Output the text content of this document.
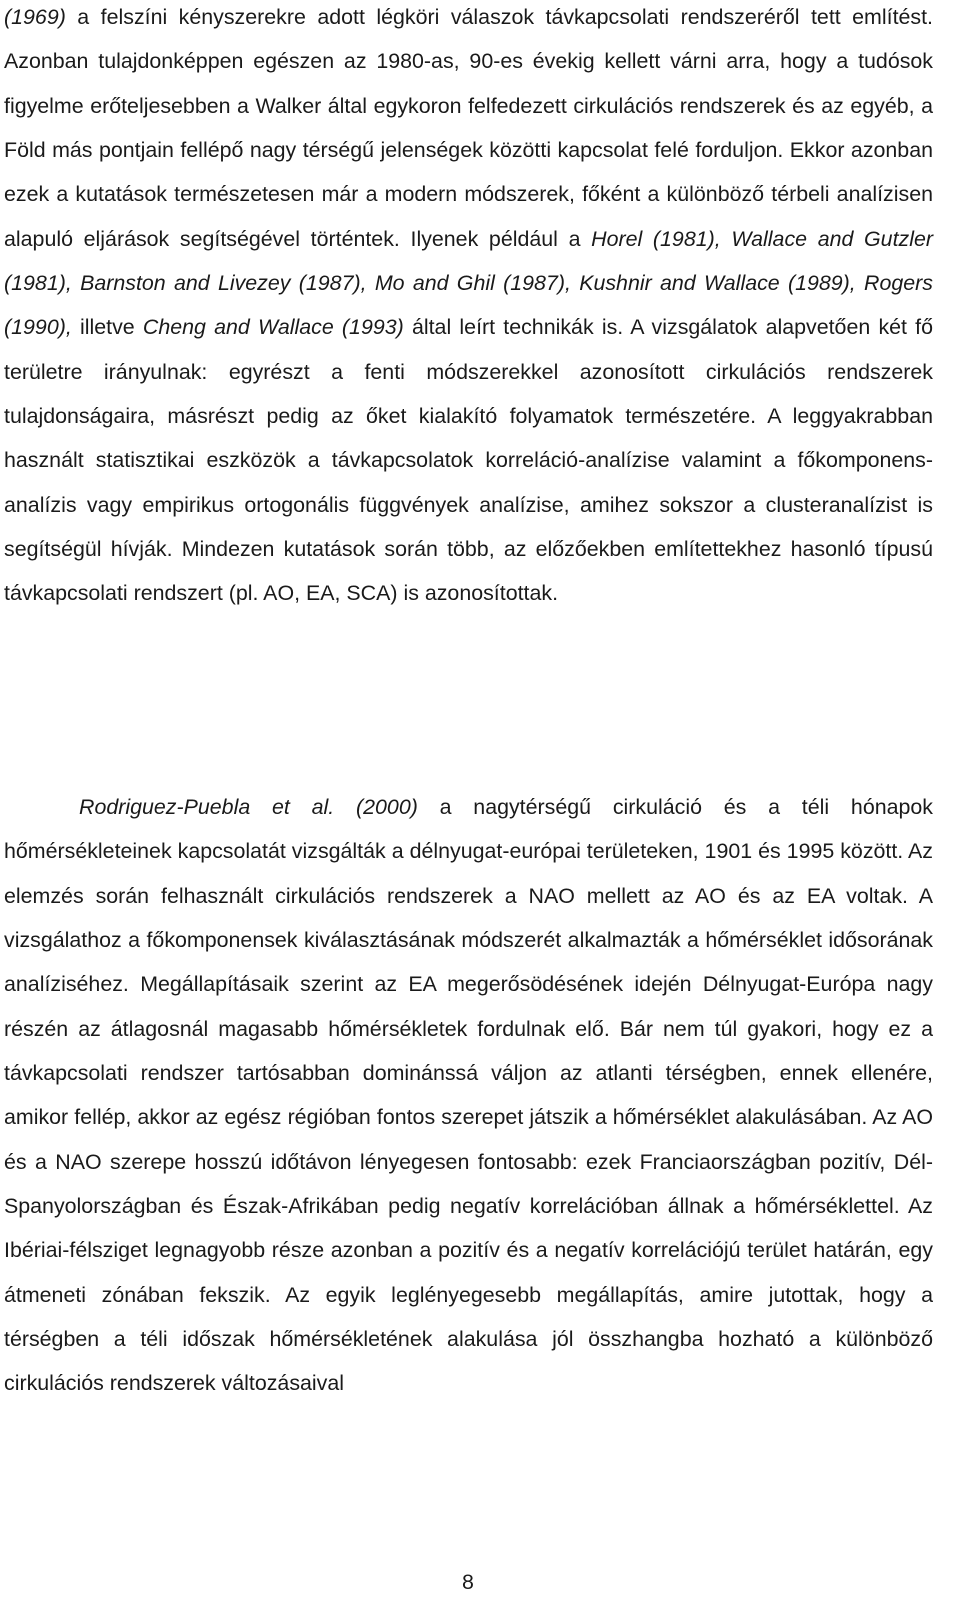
(1969) a felszíni kényszerekre adott légköri válaszok távkapcsolati rendszeréről tett említést. Azonban tulajdonképpen egészen az 1980-as, 90-es évekig kellett várni arra, hogy a tudósok figyelme erőteljesebben a Walker által egykoron felfedezett cirkulációs rendszerek és az egyéb, a Föld más pontjain fellépő nagy térségű jelenségek közötti kapcsolat felé forduljon. Ekkor azonban ezek a kutatások természetesen már a modern módszerek, főként a különböző térbeli analízisen alapuló eljárások segítségével történtek. Ilyenek például a Horel (1981), Wallace and Gutzler (1981), Barnston and Livezey (1987), Mo and Ghil (1987), Kushnir and Wallace (1989), Rogers (1990), illetve Cheng and Wallace (1993) által leírt technikák is. A vizsgálatok alapvetően két fő területre irányulnak: egyrészt a fenti módszerekkel azonosított cirkulációs rendszerek tulajdonságaira, másrészt pedig az őket kialakító folyamatok természetére. A leggyakrabban használt statisztikai eszközök a távkapcsolatok korreláció-analízise valamint a főkomponens-analízis vagy empirikus ortogonális függvények analízise, amihez sokszor a clusteranalízist is segítségül hívják. Mindezen kutatások során több, az előzőekben említettekhez hasonló típusú távkapcsolati rendszert (pl. AO, EA, SCA) is azonosítottak.

Rodriguez-Puebla et al. (2000) a nagytérségű cirkuláció és a téli hónapok hőmérsékleteinek kapcsolatát vizsgálták a délnyugat-európai területeken, 1901 és 1995 között. Az elemzés során felhasznált cirkulációs rendszerek a NAO mellett az AO és az EA voltak. A vizsgálathoz a főkomponensek kiválasztásának módszerét alkalmazták a hőmérséklet idősorának analíziséhez. Megállapításaik szerint az EA megerősödésének idején Délnyugat-Európa nagy részén az átlagosnál magasabb hőmérsékletek fordulnak elő. Bár nem túl gyakori, hogy ez a távkapcsolati rendszer tartósabban dominánssá váljon az atlanti térségben, ennek ellenére, amikor fellép, akkor az egész régióban fontos szerepet játszik a hőmérséklet alakulásában. Az AO és a NAO szerepe hosszú időtávon lényegesen fontosabb: ezek Franciaországban pozitív, Dél-Spanyolországban és Észak-Afrikában pedig negatív korrelációban állnak a hőmérséklettel. Az Ibériai-félsziget legnagyobb része azonban a pozitív és a negatív korrelációjú terület határán, egy átmeneti zónában fekszik. Az egyik leglényegesebb megállapítás, amire jutottak, hogy a térségben a téli időszak hőmérsékletének alakulása jól összhangba hozható a különböző cirkulációs rendszerek változásaival

8
